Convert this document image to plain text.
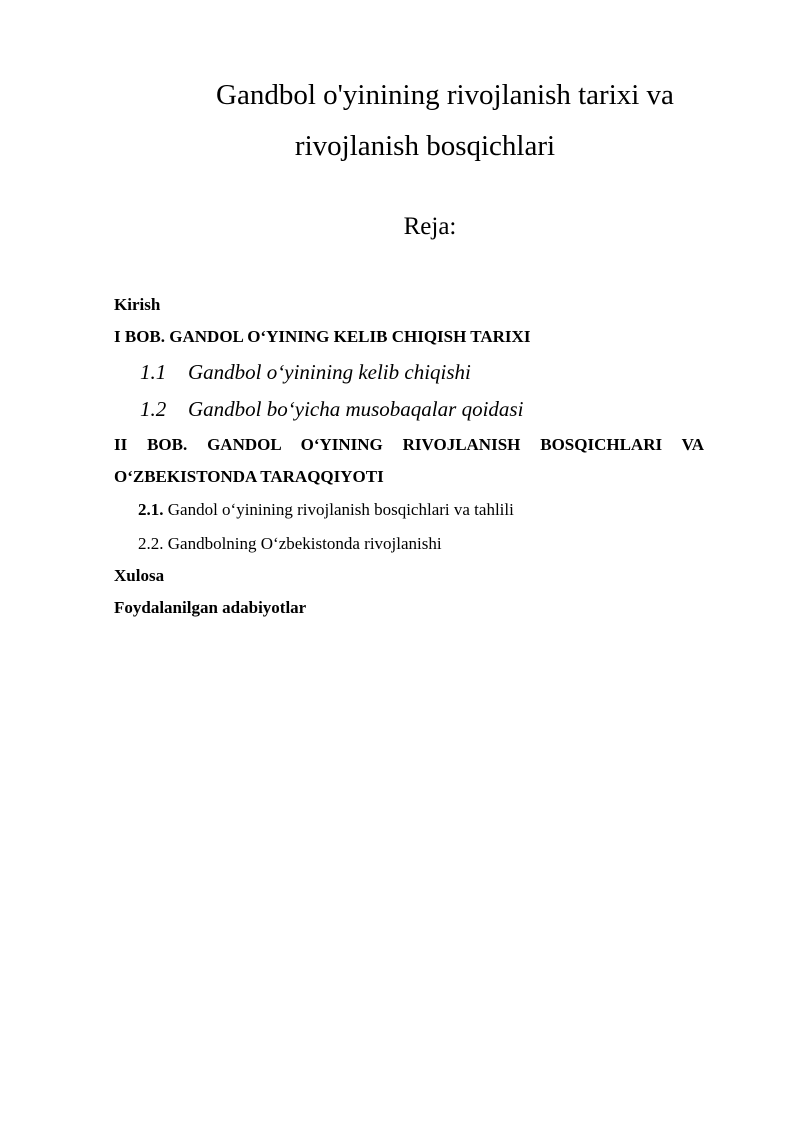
Gandbol o'yinining rivojlanish tarixi va
rivojlanish bosqichlari
Reja:
Kirish
I BOB. GANDOL O‘YINING KELIB CHIQISH TARIXI
1.1 Gandbol o‘yinining kelib chiqishi
1.2 Gandbol bo‘yicha musobaqalar qoidasi
II BOB. GANDOL O‘YINING RIVOJLANISH BOSQICHLARI VA
O‘ZBEKISTONDA TARAQQIYOTI
2.1. Gandol o‘yinining rivojlanish bosqichlari va tahlili
2.2. Gandbolning O‘zbekistonda rivojlanishi
Xulosa
Foydalanilgan adabiyotlar
